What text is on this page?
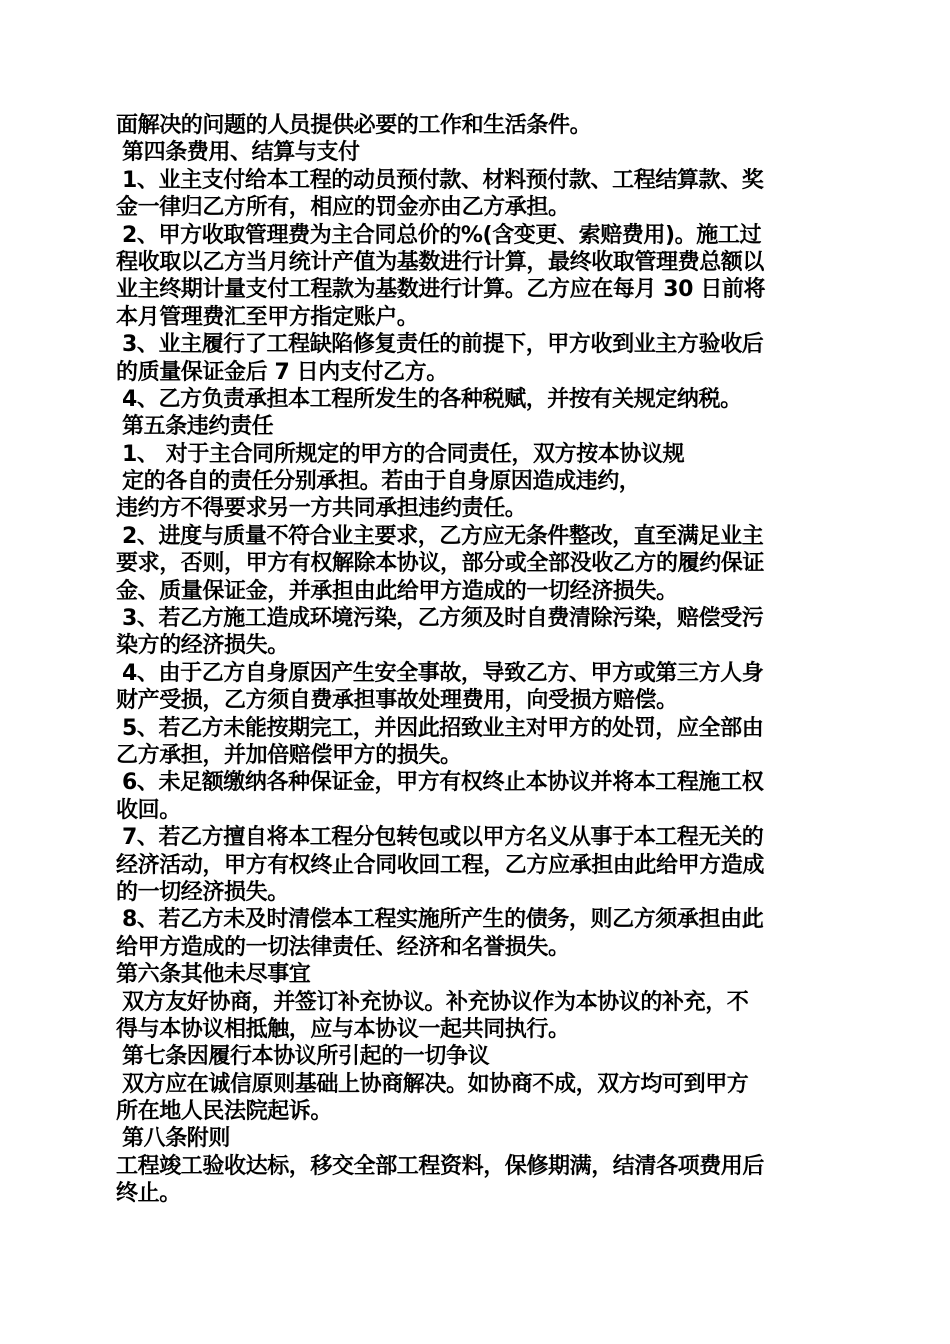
面解决的问题的人员提供必要的工作和生活条件。
第四条费用、结算与支付
1、业主支付给本工程的动员预付款、材料预付款、工程结算款、奖
金一律归乙方所有，相应的罚金亦由乙方承担。
2、甲方收取管理费为主合同总价的%(含变更、索赔费用)。施工过
程收取以乙方当月统计产值为基数进行计算，最终收取管理费总额以
业主终期计量支付工程款为基数进行计算。乙方应在每月 30 日前将
本月管理费汇至甲方指定账户。
3、业主履行了工程缺陷修复责任的前提下，甲方收到业主方验收后
的质量保证金后 7 日内支付乙方。
4、乙方负责承担本工程所发生的各种税赋，并按有关规定纳税。
第五条违约责任
1、 对于主合同所规定的甲方的合同责任，双方按本协议规
定的各自的责任分别承担。若由于自身原因造成违约，
违约方不得要求另一方共同承担违约责任。
2、进度与质量不符合业主要求，乙方应无条件整改，直至满足业主
要求，否则，甲方有权解除本协议，部分或全部没收乙方的履约保证
金、质量保证金，并承担由此给甲方造成的一切经济损失。
3、若乙方施工造成环境污染，乙方须及时自费清除污染，赔偿受污
染方的经济损失。
4、由于乙方自身原因产生安全事故，导致乙方、甲方或第三方人身
财产受损，乙方须自费承担事故处理费用，向受损方赔偿。
5、若乙方未能按期完工，并因此招致业主对甲方的处罚，应全部由
乙方承担，并加倍赔偿甲方的损失。
6、未足额缴纳各种保证金，甲方有权终止本协议并将本工程施工权
收回。
7、若乙方擅自将本工程分包转包或以甲方名义从事于本工程无关的
经济活动，甲方有权终止合同收回工程，乙方应承担由此给甲方造成
的一切经济损失。
8、若乙方未及时清偿本工程实施所产生的债务，则乙方须承担由此
给甲方造成的一切法律责任、经济和名誉损失。
第六条其他未尽事宜
双方友好协商，并签订补充协议。补充协议作为本协议的补充，不
得与本协议相抵触，应与本协议一起共同执行。
第七条因履行本协议所引起的一切争议
双方应在诚信原则基础上协商解决。如协商不成，双方均可到甲方
所在地人民法院起诉。
第八条附则
工程竣工验收达标，移交全部工程资料，保修期满，结清各项费用后
终止。
